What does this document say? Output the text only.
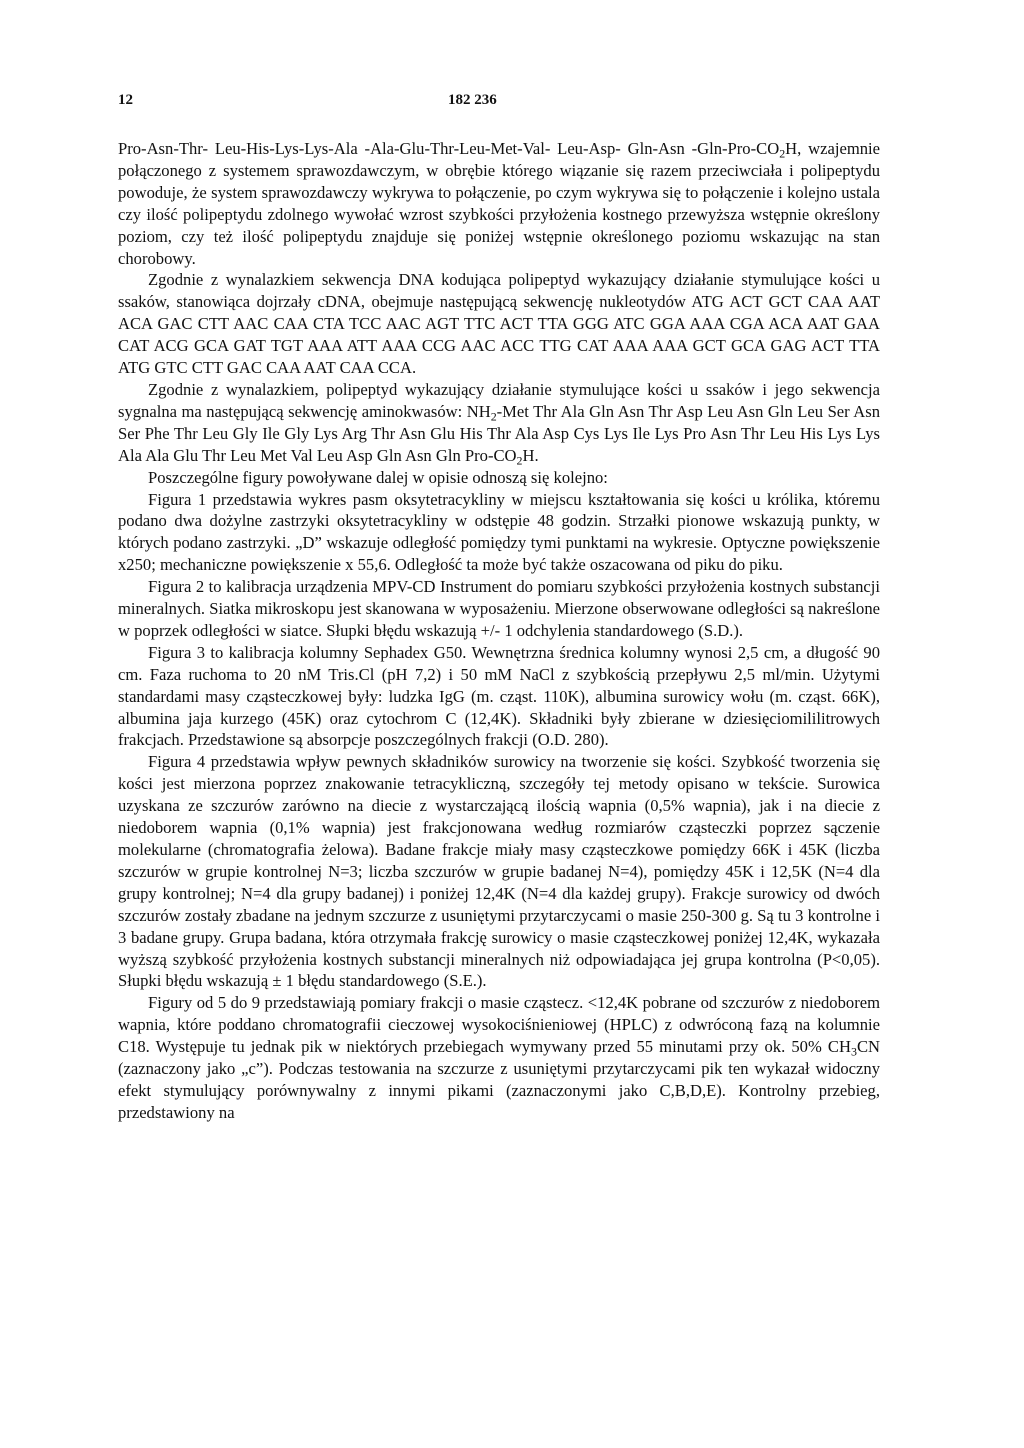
12	182 236

Pro-Asn-Thr- Leu-His-Lys-Lys-Ala -Ala-Glu-Thr-Leu-Met-Val- Leu-Asp- Gln-Asn $-Gln-Pro-CO_2H$, wzajemnie połączonego z systemem sprawozdawczym, w obrębie którego wiązanie się razem przeciwciała i polipeptydu powoduje, że system sprawozdawczy wykrywa to połączenie, po czym wykrywa się to połączenie i kolejno ustala czy ilość polipeptydu zdolnego wywołać wzrost szybkości przyłożenia kostnego przewyższa wstępnie określony poziom, czy też ilość polipeptydu znajduje się poniżej wstępnie określonego poziomu wskazując na stan chorobowy.

Zgodnie z wynalazkiem sekwencja DNA kodująca polipeptyd wykazujący działanie stymulujące kości u ssaków, stanowiąca dojrzały cDNA, obejmuje następującą sekwencję nukleotydów ATG ACT GCT CAA AAT ACA GAC CTT AAC CAA CTA TCC AAC AGT TTC ACT TTA GGG ATC GGA AAA CGA ACA AAT GAA CAT ACG GCA GAT TGT AAA ATT AAA CCG AAC ACC TTG CAT AAA AAA GCT GCA GAG ACT TTA ATG GTC CTT GAC CAA AAT CAA CCA.

Zgodnie z wynalazkiem, polipeptyd wykazujący działanie stymulujące kości u ssaków i jego sekwencja sygnalna ma następującą sekwencję aminokwasów: $NH_2$-Met Thr Ala Gln Asn Thr Asp Leu Asn Gln Leu Ser Asn Ser Phe Thr Leu Gly Ile Gly Lys Arg Thr Asn Glu His Thr Ala Asp Cys Lys Ile Lys Pro Asn Thr Leu His Lys Lys Ala Ala Glu Thr Leu Met Val Leu Asp Gln Asn Gln Pro-$CO_2H$.

Poszczególne figury powoływane dalej w opisie odnoszą się kolejno:

Figura 1 przedstawia wykres pasm oksytetracykliny w miejscu kształtowania się kości u królika, któremu podano dwa dożylne zastrzyki oksytetracykliny w odstępie 48 godzin. Strzałki pionowe wskazują punkty, w których podano zastrzyki. „D” wskazuje odległość pomiędzy tymi punktami na wykresie. Optyczne powiększenie x250; mechaniczne powiększenie x 55,6. Odległość ta może być także oszacowana od piku do piku.

Figura 2 to kalibracja urządzenia MPV-CD Instrument do pomiaru szybkości przyłożenia kostnych substancji mineralnych. Siatka mikroskopu jest skanowana w wyposażeniu. Mierzone obserwowane odległości są nakreślone w poprzek odległości w siatce. Słupki błędu wskazują +/- 1 odchylenia standardowego (S.D.).

Figura 3 to kalibracja kolumny Sephadex G50. Wewnętrzna średnica kolumny wynosi 2,5 cm, a długość 90 cm. Faza ruchoma to 20 nM Tris.Cl (pH 7,2) i 50 mM NaCl z szybkością przepływu 2,5 ml/min. Użytymi standardami masy cząsteczkowej były: ludzka IgG (m. cząst. 110K), albumina surowicy wołu (m. cząst. 66K), albumina jaja kurzego (45K) oraz cytochrom C (12,4K). Składniki były zbierane w dziesięciomililitrowych frakcjach. Przedstawione są absorpcje poszczególnych frakcji (O.D. 280).

Figura 4 przedstawia wpływ pewnych składników surowicy na tworzenie się kości. Szybkość tworzenia się kości jest mierzona poprzez znakowanie tetracykliczną, szczegóły tej metody opisano w tekście. Surowica uzyskana ze szczurów zarówno na diecie z wystarczającą ilością wapnia (0,5% wapnia), jak i na diecie z niedoborem wapnia (0,1% wapnia) jest frakcjonowana według rozmiarów cząsteczki poprzez sączenie molekularne (chromatografia żelowa). Badane frakcje miały masy cząsteczkowe pomiędzy 66K i 45K (liczba szczurów w grupie kontrolnej N=3; liczba szczurów w grupie badanej N=4), pomiędzy 45K i 12,5K (N=4 dla grupy kontrolnej; N=4 dla grupy badanej) i poniżej 12,4K (N=4 dla każdej grupy). Frakcje surowicy od dwóch szczurów zostały zbadane na jednym szczurze z usuniętymi przytarczycami o masie 250-300 g. Są tu 3 kontrolne i 3 badane grupy. Grupa badana, która otrzymała frakcję surowicy o masie cząsteczkowej poniżej 12,4K, wykazała wyższą szybkość przyłożenia kostnych substancji mineralnych niż odpowiadająca jej grupa kontrolna (P<0,05). Słupki błędu wskazują ± 1 błędu standardowego (S.E.).

Figury od 5 do 9 przedstawiają pomiary frakcji o masie cząstecz. <12,4K pobrane od szczurów z niedoborem wapnia, które poddano chromatografii cieczowej wysokociśnieniowej (HPLC) z odwróconą fazą na kolumnie C18. Występuje tu jednak pik w niektórych przebiegach wymywany przed 55 minutami przy ok. 50% $CH_3CN$ (zaznaczony jako „c”). Podczas testowania na szczurze z usuniętymi przytarczycami pik ten wykazał widoczny efekt stymulujący porównywalny z innymi pikami (zaznaczonymi jako C,B,D,E). Kontrolny przebieg, przedstawiony na
